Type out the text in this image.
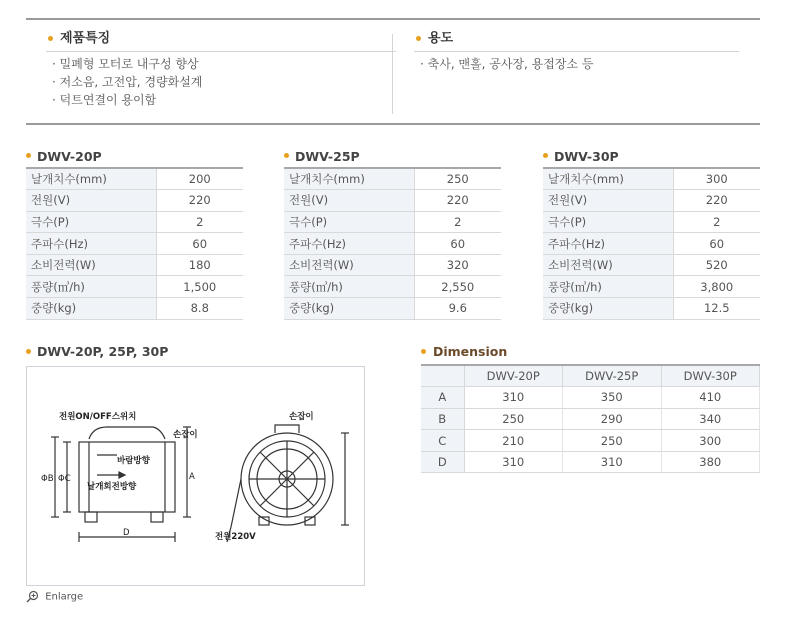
제품특징
· 밀폐형 모터로 내구성 향상
· 저소음, 고전압, 경량화설계
· 덕트연결이 용이함
용도
· 축사, 맨홀, 공사장, 용접장소 등
DWV-20P
날개치수(mm)	200
전원(V)	220
극수(P)	2
주파수(Hz)	60
소비전력(W)	180
풍량(㎥/h)	1,500
중량(kg)	8.8
DWV-25P
날개치수(mm)	250
전원(V)	220
극수(P)	2
주파수(Hz)	60
소비전력(W)	320
풍량(㎥/h)	2,550
중량(kg)	9.6
DWV-30P
날개치수(mm)	300
전원(V)	220
극수(P)	2
주파수(Hz)	60
소비전력(W)	520
풍량(㎥/h)	3,800
중량(kg)	12.5
DWV-20P, 25P, 30P
전원ON/OFF스위치
손잡이
바람방향
날개회전방향
손잡이
전원220V
ΦB ΦC	A
D
Enlarge
Dimension
	DWV-20P	DWV-25P	DWV-30P
A	310	350	410
B	250	290	340
C	210	250	300
D	310	310	380
